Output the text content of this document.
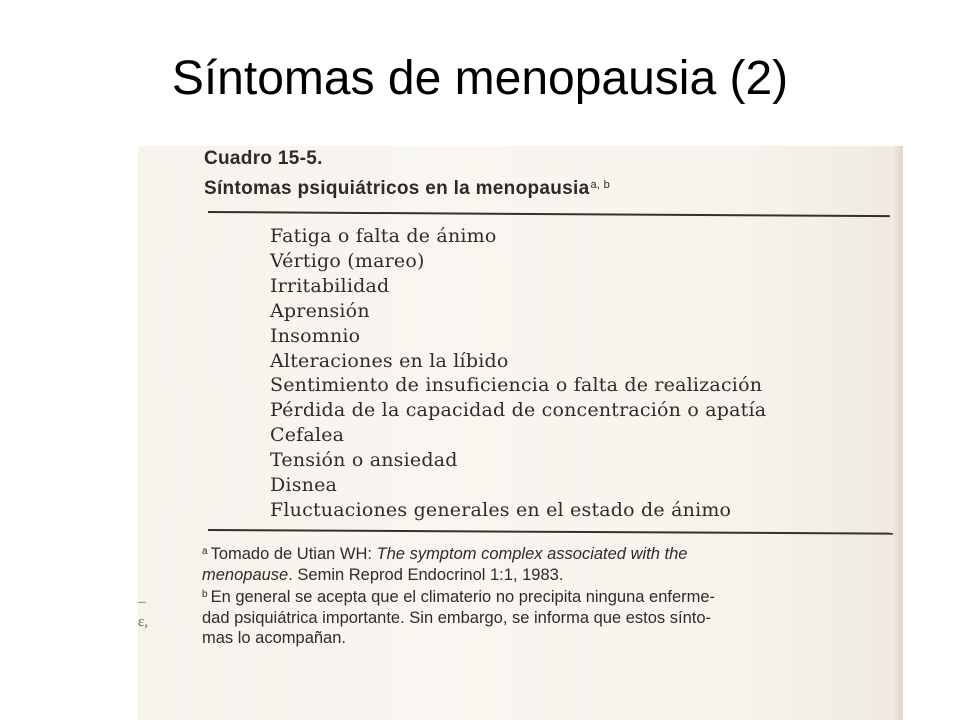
Síntomas de menopausia (2)
–
ɛ,
Cuadro 15-5.
Síntomas psiquiátricos en la menopausia$^{a, b}$
Fatiga o falta de ánimo
Vértigo (mareo)
Irritabilidad
Aprensión
Insomnio
Alteraciones en la líbido
Sentimiento de insuficiencia o falta de realización
Pérdida de la capacidad de concentración o apatía
Cefalea
Tensión o ansiedad
Disnea
Fluctuaciones generales en el estado de ánimo
$^a$ Tomado de Utian WH: The symptom complex associated with the
menopause. Semin Reprod Endocrinol 1:1, 1983.
$^b$ En general se acepta que el climaterio no precipita ninguna enferme-
dad psiquiátrica importante. Sin embargo, se informa que estos sínto-
mas lo acompañan.
